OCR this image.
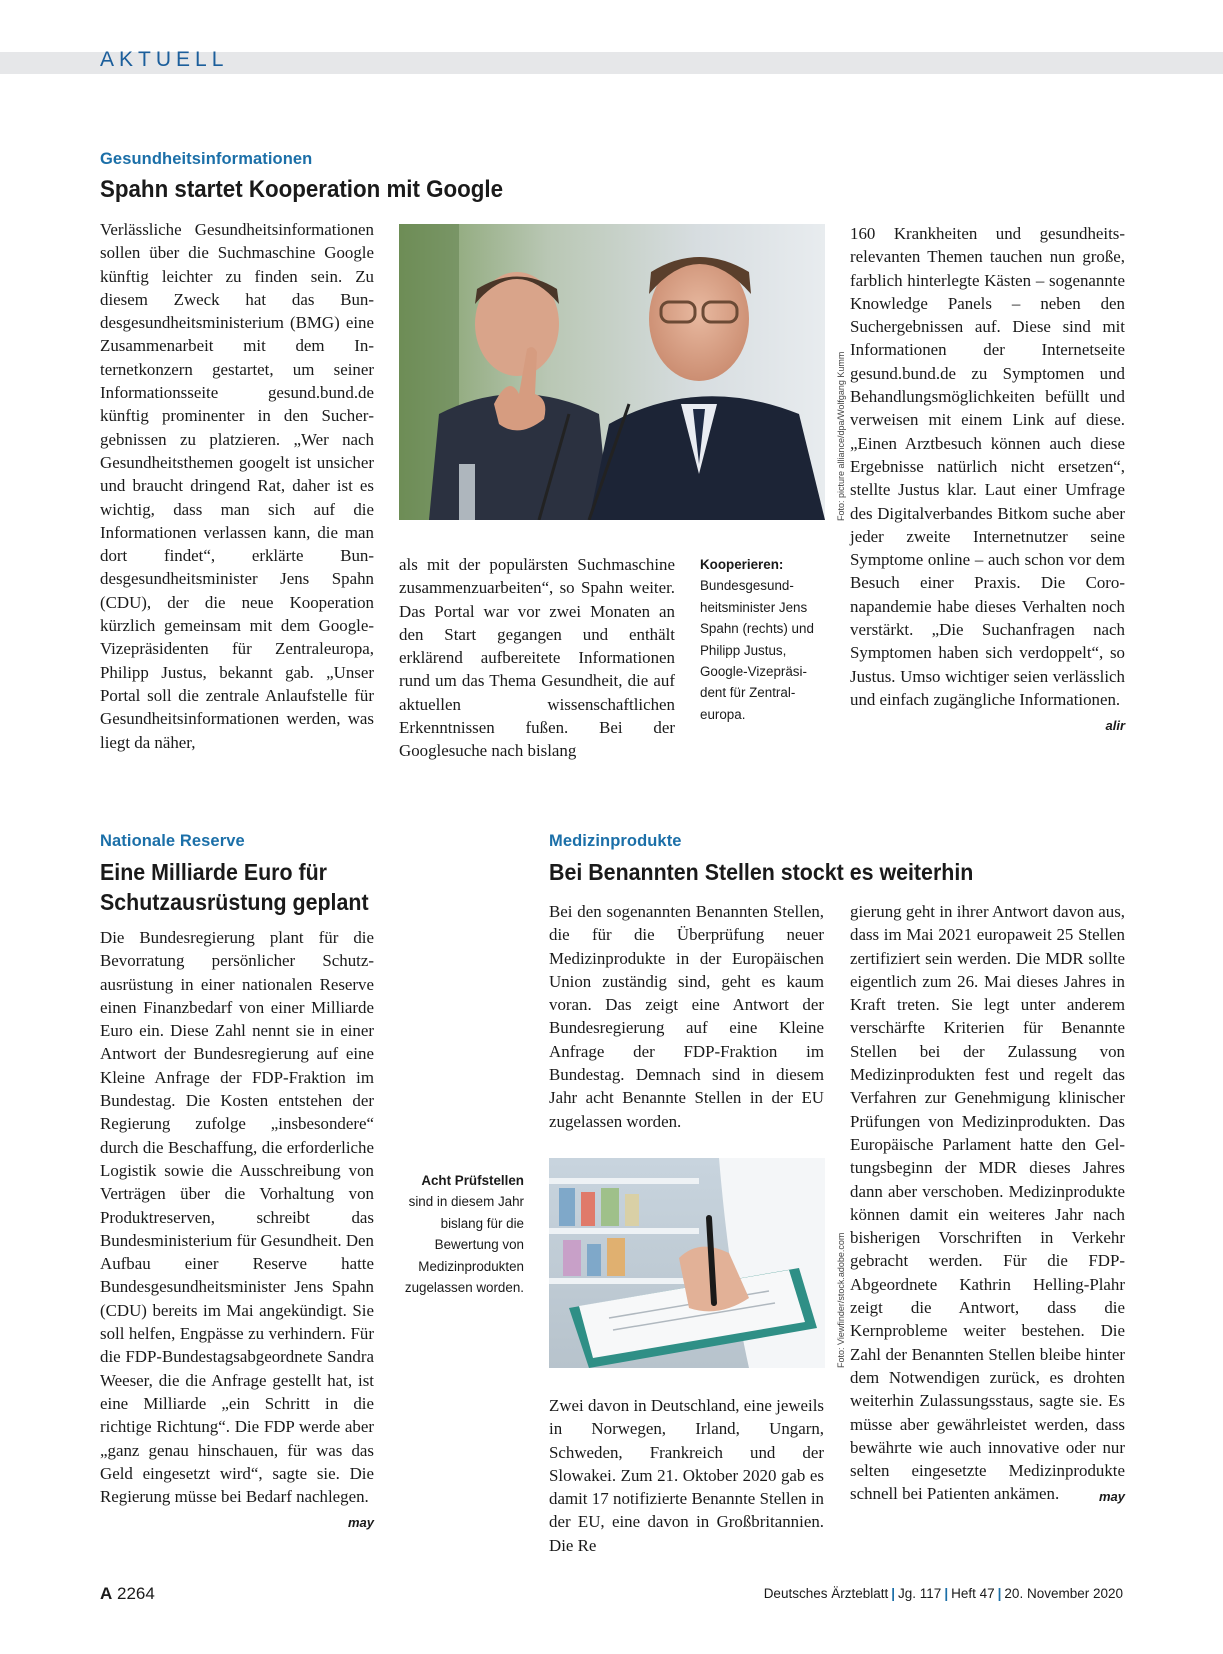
AKTUELL
Gesundheitsinformationen
Spahn startet Kooperation mit Google
Verlässliche Gesundheitsinformationen sollen über die Suchmaschine Google künftig leichter zu finden sein. Zu diesem Zweck hat das Bundesgesundheitsministerium (BMG) eine Zusammenarbeit mit dem Internetkonzern gestartet, um seiner Informationsseite gesund.bund.de künftig prominenter in den Suchergebnissen zu platzieren. „Wer nach Gesundheitsthemen googelt ist unsicher und braucht dringend Rat, daher ist es wichtig, dass man sich auf die Informationen verlassen kann, die man dort findet“, erklärte Bundesgesundheitsminister Jens Spahn (CDU), der die neue Kooperation kürzlich gemeinsam mit dem Google-Vizepräsidenten für Zentraleuropa, Philipp Justus, bekannt gab. „Unser Portal soll die zentrale Anlaufstelle für Gesundheitsinformationen werden, was liegt da näher,
Foto: picture alliance/dpa/Wolfgang Kumm
als mit der populärsten Suchmaschine zusammenzuarbeiten“, so Spahn weiter. Das Portal war vor zwei Monaten an den Start gegangen und enthält erklärend aufbereitete Informationen rund um das Thema Gesundheit, die auf aktuellen wissenschaftlichen Erkenntnissen fußen. Bei der Googlesuche nach bislang
Kooperieren:
Bundesgesundheitsminister Jens Spahn (rechts) und Philipp Justus, Google-Vizepräsident für Zentraleuropa.
160 Krankheiten und gesundheitsrelevanten Themen tauchen nun große, farblich hinterlegte Kästen – sogenannte Knowledge Panels – neben den Suchergebnissen auf. Diese sind mit Informationen der Internetseite gesund.bund.de zu Symptomen und Behandlungsmöglichkeiten befüllt und verweisen mit einem Link auf diese. „Einen Arztbesuch können auch diese Ergebnisse natürlich nicht ersetzen“, stellte Justus klar. Laut einer Umfrage des Digitalverbandes Bitkom suche aber jeder zweite Internetnutzer seine Symptome online – auch schon vor dem Besuch einer Praxis. Die Coronapandemie habe dieses Verhalten noch verstärkt. „Die Suchanfragen nach Symptomen haben sich verdoppelt“, so Justus. Umso wichtiger seien verlässlich und einfach zugängliche Informationen.
alir
Nationale Reserve
Eine Milliarde Euro für
Schutzausrüstung geplant
Die Bundesregierung plant für die Bevorratung persönlicher Schutzausrüstung in einer nationalen Reserve einen Finanzbedarf von einer Milliarde Euro ein. Diese Zahl nennt sie in einer Antwort der Bundesregierung auf eine Kleine Anfrage der FDP-Fraktion im Bundestag. Die Kosten entstehen der Regierung zufolge „insbesondere“ durch die Beschaffung, die erforderliche Logistik sowie die Ausschreibung von Verträgen über die Vorhaltung von Produktreserven, schreibt das Bundesministerium für Gesundheit. Den Aufbau einer Reserve hatte Bundesgesundheitsminister Jens Spahn (CDU) bereits im Mai angekündigt. Sie soll helfen, Engpässe zu verhindern. Für die FDP-Bundestagsabgeordnete Sandra Weeser, die die Anfrage gestellt hat, ist eine Milliarde „ein Schritt in die richtige Richtung“. Die FDP werde aber „ganz genau hinschauen, für was das Geld eingesetzt wird“, sagte sie. Die Regierung müsse bei Bedarf nachlegen.
may
Medizinprodukte
Bei Benannten Stellen stockt es weiterhin
Bei den sogenannten Benannten Stellen, die für die Überprüfung neuer Medizinprodukte in der Europäischen Union zuständig sind, geht es kaum voran. Das zeigt eine Antwort der Bundesregierung auf eine Kleine Anfrage der FDP-Fraktion im Bundestag. Demnach sind in diesem Jahr acht Benannte Stellen in der EU zugelassen worden.
Foto: Viewfinder/stock.adobe.com
Acht Prüfstellen
sind in diesem Jahr bislang für die Bewertung von Medizinprodukten zugelassen worden.
Zwei davon in Deutschland, eine jeweils in Norwegen, Irland, Ungarn, Schweden, Frankreich und der Slowakei. Zum 21. Oktober 2020 gab es damit 17 notifizierte Benannte Stellen in der EU, eine davon in Großbritannien. Die Re
gierung geht in ihrer Antwort davon aus, dass im Mai 2021 europaweit 25 Stellen zertifiziert sein werden. Die MDR sollte eigentlich zum 26. Mai dieses Jahres in Kraft treten. Sie legt unter anderem verschärfte Kriterien für Benannte Stellen bei der Zulassung von Medizinprodukten fest und regelt das Verfahren zur Genehmigung klinischer Prüfungen von Medizinprodukten. Das Europäische Parlament hatte den Geltungsbeginn der MDR dieses Jahres dann aber verschoben. Medizinprodukte können damit ein weiteres Jahr nach bisherigen Vorschriften in Verkehr gebracht werden. Für die FDP-Abgeordnete Kathrin Helling-Plahr zeigt die Antwort, dass die Kernprobleme weiter bestehen. Die Zahl der Benannten Stellen bleibe hinter dem Notwendigen zurück, es drohten weiterhin Zulassungsstaus, sagte sie. Es müsse aber gewährleistet werden, dass bewährte wie auch innovative oder nur selten eingesetzte Medizinprodukte schnell bei Patienten ankämen.	may
A 2264	Deutsches Ärzteblatt | Jg. 117 | Heft 47 | 20. November 2020
